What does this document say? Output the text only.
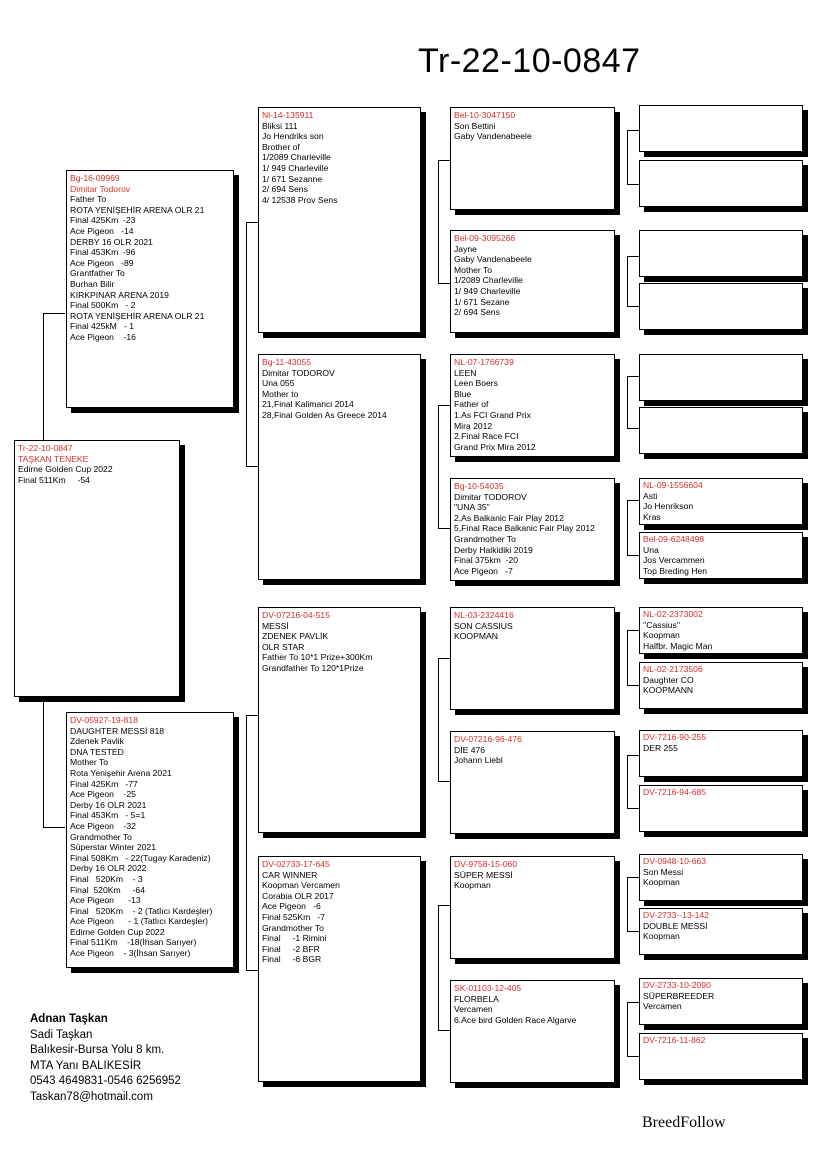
Tr-22-10-0847
Tr-22-10-0847
TAŞKAN TENEKE
Edirne Golden Cup 2022
Final 511Km     -54
Bg-16-09969
Dimitar Todorov
Father To
ROTA YENİŞEHİR ARENA OLR 21
Final 425Km  -23
Ace Pigeon   -14
DERBY 16 OLR 2021
Final 453Km  -96
Ace Pigeon   -89
Grantfather To
Burhan Bilir
KIRKPINAR ARENA 2019
Final 500Km   - 2
ROTA YENİŞEHİR ARENA OLR 21
Final 425kM   - 1
Ace Pigeon    -16
DV-05927-19-818
DAUGHTER MESSİ 818
Zdenek Pavlik
DNA TESTED
Mother To
Rota Yenişehir Arena 2021
Final 425Km   -77
Ace Pigeon    -25
Derby 16 OLR 2021
Final 453Km   - 5=1
Ace Pigeon    -32
Grandmother To
Süperstar Winter 2021
Final 508Km   - 22(Tugay Karadeniz)
Derby 16 OLR 2022
Final   520Km    - 3
Final  520Km     -64
Ace Pigeon      -13
Final   520Km    - 2 (Tatlıcı Kardeşler)
Ace Pigeon      - 1 (Tatlıcı Kardeşler)
Edirne Golden Cup 2022
Final 511Km    -18(İhsan Sarıyer)
Ace Pigeon    - 3(İhsan Sarıyer)
Nl-14-135911
Bliksi 111
Jo Hendriks son
Brother of
1/2089 Charleville
1/ 949 Charleville
1/ 671 Sezanne
2/ 694 Sens
4/ 12538 Prov Sens
Bg-11-43055
Dimitar TODOROV
Una 055
Mother to
21,Final Kalimanci 2014
28,Final Golden As Greece 2014
DV-07216-04-515
MESSİ
ZDENEK PAVLİK
OLR STAR
Father To 10*1 Prize+300Km
Grandfather To 120*1Prize
DV-02733-17-645
CAR WINNER
Koopman Vercamen
Corabia OLR 2017
Ace Pigeon   -6
Final 525Km   -7
Grandmother To
Final     -1 Rimini
Final     -2 BFR
Final     -6 BGR
Bel-10-3047150
Son Bettini
Gaby Vandenabeele
Bel-09-3095266
Jayne
Gaby Vandenabeele
Mother To
1/2089 Charleville
1/ 949 Charleville
1/ 671 Sezane
2/ 694 Sens
NL-07-1766739
LEEN
Leen Boers
Blue
Father of
1.As FCI Grand Prix
Mira 2012
2.Final Race FCI
Grand Prix Mira 2012
Bg-10-54035
Dimitar TODOROV
"UNA 35"
2,As Balkanic Fair Play 2012
5,Final Race Balkanic Fair Play 2012
Grandmother To
Derby Halkidiki 2019
Final 375km  -20
Ace Pigeon   -7
NL-03-2324416
SON CASSIUS
KOOPMAN
DV-07216-96-476
DİE 476
Johann Liebl
DV-9758-15-060
SÜPER MESSİ
Koopman
SK-01103-12-405
FLORBELA
Vercamen
6.Ace bird Golden Race Algarve
NL-09-1556604
Asti
Jo Henrikson
Kras
Bel-09-6248498
Una
Jos Vercammen
Top Breding Hen
NL-02-2373002
''Cassius''
Koopman
Halfbr. Magic Man
NL-02-2173506
Daughter CO
KOOPMANN
DV-7216-90-255
DER 255
DV-7216-94-685
DV-0948-10-663
Son Messi
Koopman
DV-2733--13-142
DOUBLE MESSİ
Koopman
DV-2733-10-2090
SÜPERBREEDER
Vercamen
DV-7216-11-862
Adnan Taşkan
Sadi Taşkan
Balıkesir-Bursa Yolu 8 km.
MTA Yanı BALIKESİR
0543 4649831-0546 6256952
Taskan78@hotmail.com
BreedFollow
